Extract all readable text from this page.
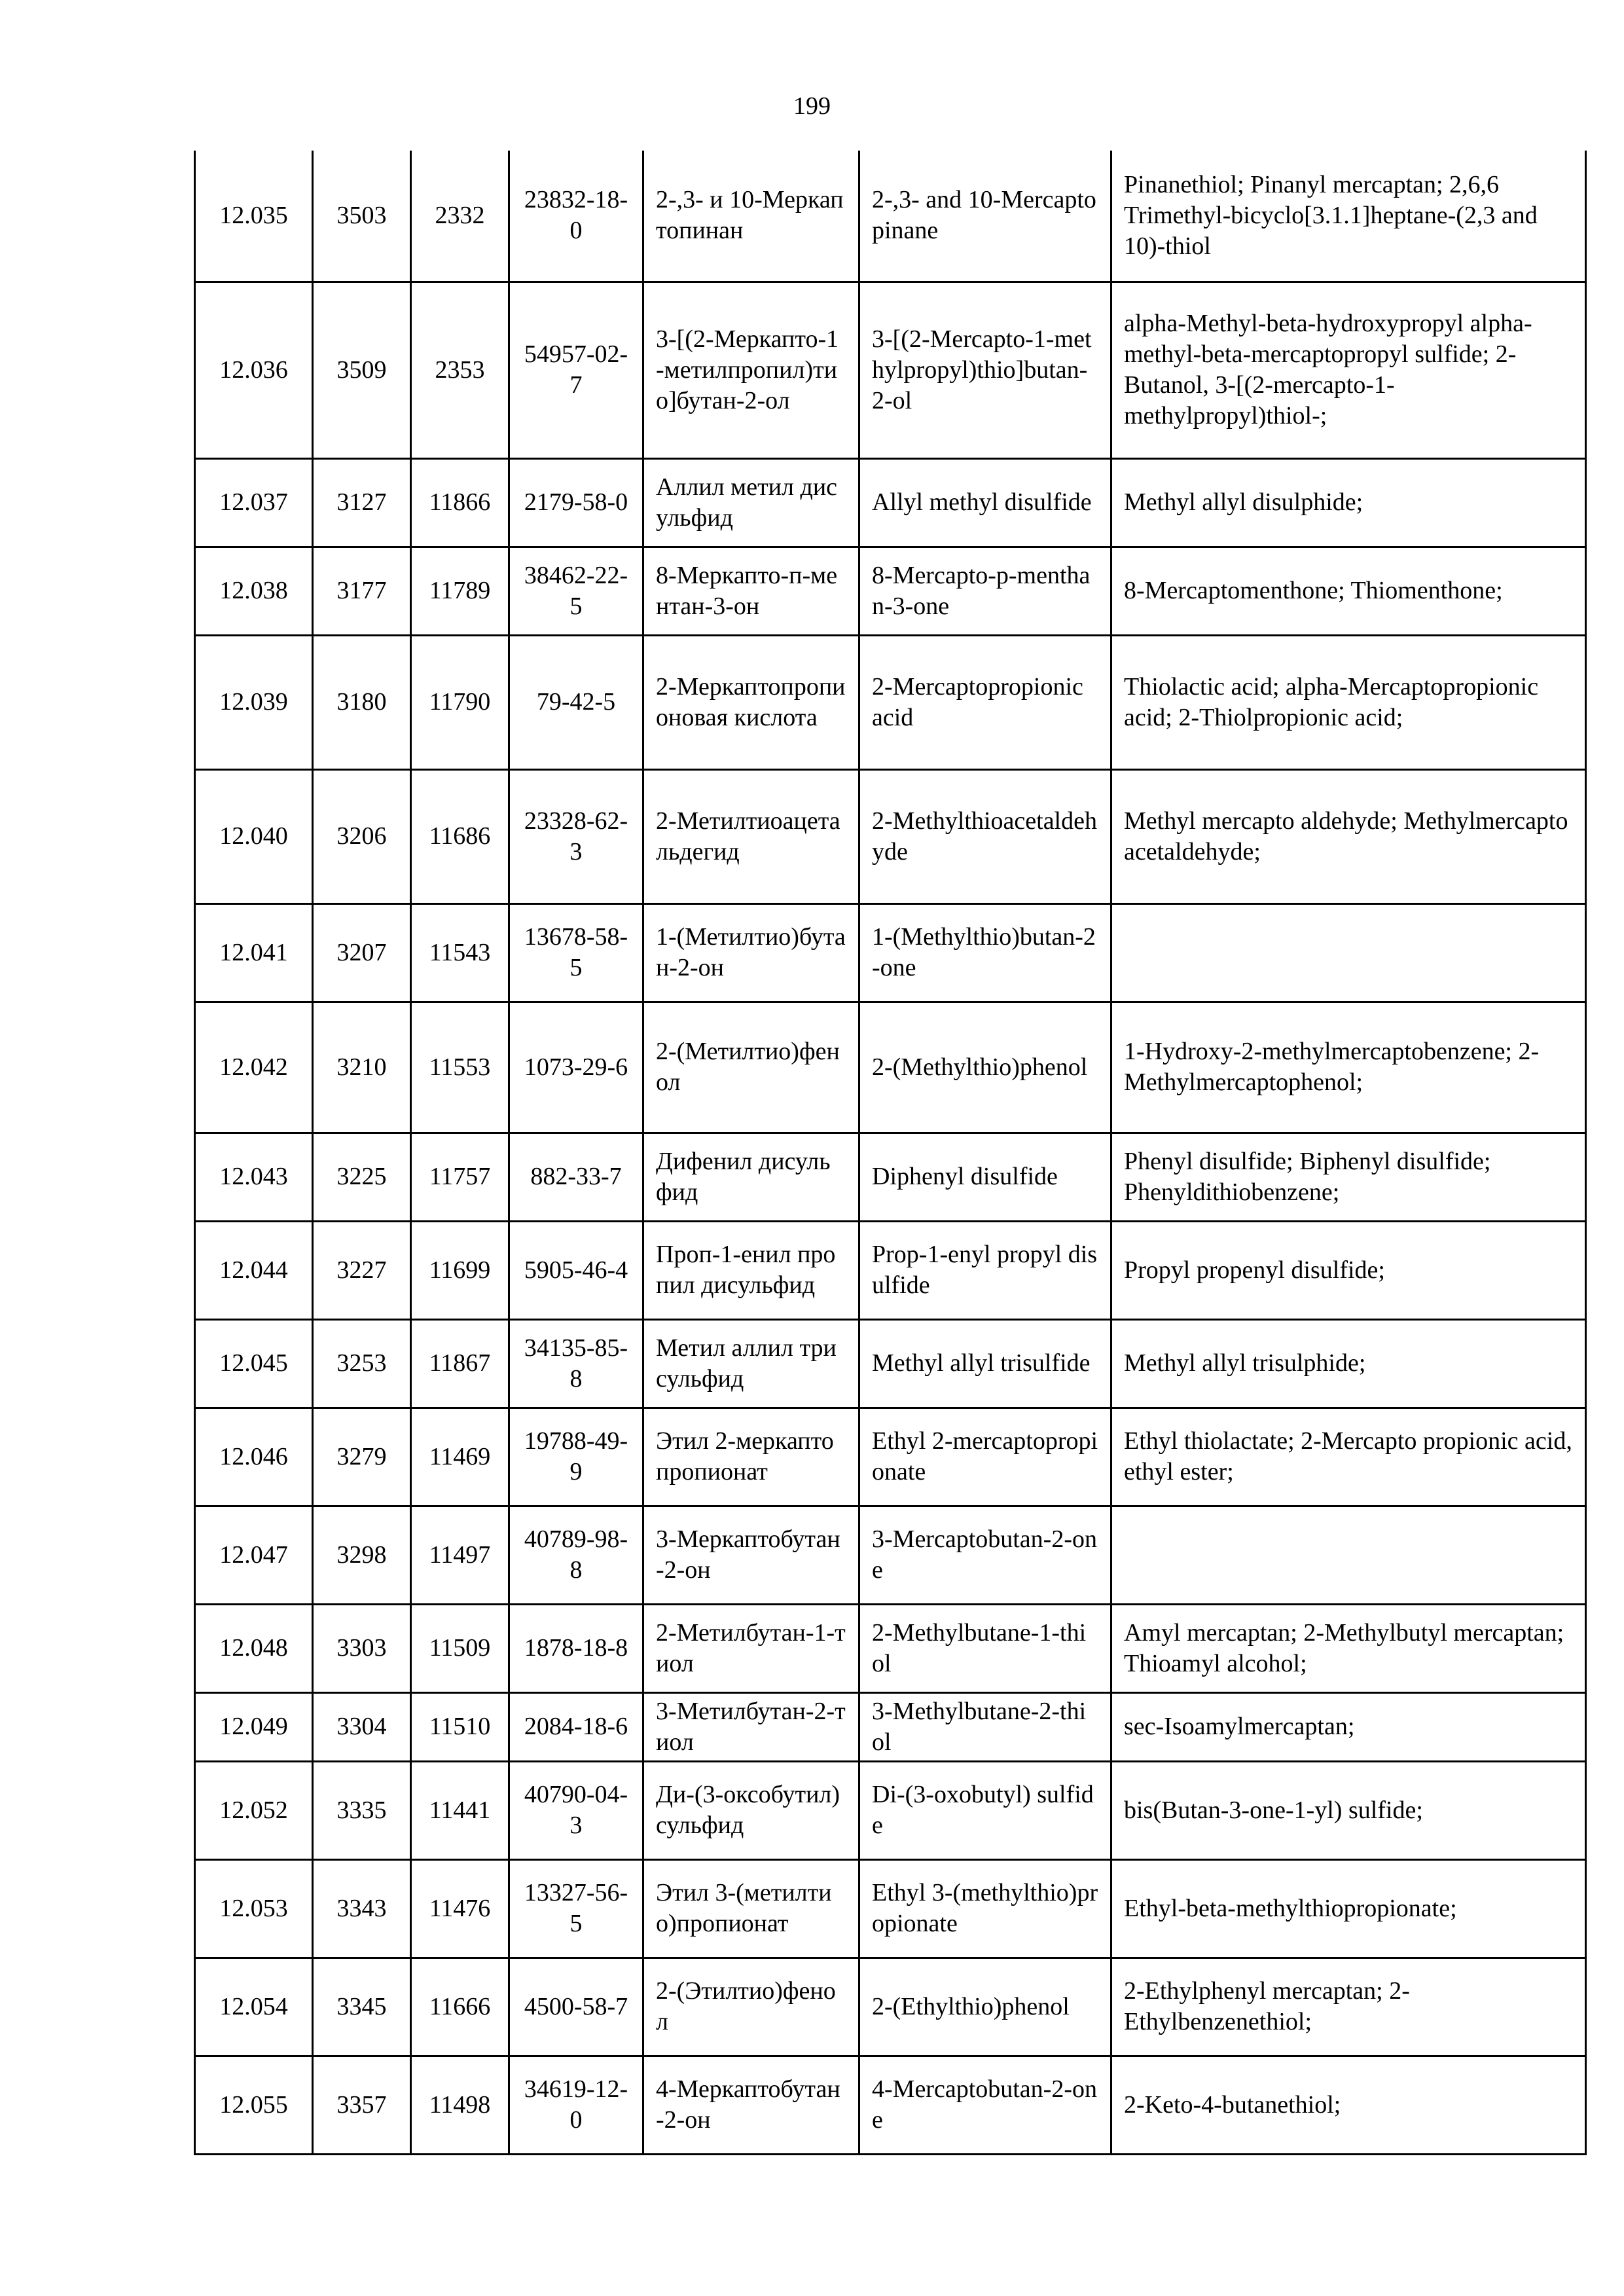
199
12.035	3503	2332	23832-18-0	2-,3- и 10-Меркаптопинан	2-,3- and 10-Mercaptopinane	Pinanethiol; Pinanyl mercaptan; 2,6,6 Trimethyl-bicyclo[3.1.1]heptane-(2,3 and 10)-thiol
12.036	3509	2353	54957-02-7	3-[(2-Меркапто-1-метилпропил)тио]бутан-2-ол	3-[(2-Mercapto-1-methylpropyl)thio]butan-2-ol	alpha-Methyl-beta-hydroxypropyl alpha-methyl-beta-mercaptopropyl sulfide; 2-Butanol, 3-[(2-mercapto-1-methylpropyl)thiol-;
12.037	3127	11866	2179-58-0	Аллил метил дисульфид	Allyl methyl disulfide	Methyl allyl disulphide;
12.038	3177	11789	38462-22-5	8-Меркапто-п-ментан-3-он	8-Mercapto-p-menthan-3-one	8-Mercaptomenthone; Thiomenthone;
12.039	3180	11790	79-42-5	2-Меркаптопропионовая кислота	2-Mercaptopropionic acid	Thiolactic acid; alpha-Mercaptopropionic acid; 2-Thiolpropionic acid;
12.040	3206	11686	23328-62-3	2-Метилтиоацетальдегид	2-Methylthioacetaldehyde	Methyl mercapto aldehyde; Methylmercapto acetaldehyde;
12.041	3207	11543	13678-58-5	1-(Метилтио)бутан-2-он	1-(Methylthio)butan-2-one	
12.042	3210	11553	1073-29-6	2-(Метилтио)фенол	2-(Methylthio)phenol	1-Hydroxy-2-methylmercaptobenzene; 2-Methylmercaptophenol;
12.043	3225	11757	882-33-7	Дифенил дисульфид	Diphenyl disulfide	Phenyl disulfide; Biphenyl disulfide; Phenyldithiobenzene;
12.044	3227	11699	5905-46-4	Проп-1-енил пропил дисульфид	Prop-1-enyl propyl disulfide	Propyl propenyl disulfide;
12.045	3253	11867	34135-85-8	Метил аллил трисульфид	Methyl allyl trisulfide	Methyl allyl trisulphide;
12.046	3279	11469	19788-49-9	Этил 2-меркаптопропионат	Ethyl 2-mercaptopropionate	Ethyl thiolactate; 2-Mercapto propionic acid, ethyl ester;
12.047	3298	11497	40789-98-8	3-Меркаптобутан-2-он	3-Mercaptobutan-2-one	
12.048	3303	11509	1878-18-8	2-Метилбутан-1-тиол	2-Methylbutane-1-thiol	Amyl mercaptan; 2-Methylbutyl mercaptan; Thioamyl alcohol;
12.049	3304	11510	2084-18-6	3-Метилбутан-2-тиол	3-Methylbutane-2-thiol	sec-Isoamylmercaptan;
12.052	3335	11441	40790-04-3	Ди-(3-оксобутил) сульфид	Di-(3-oxobutyl) sulfide	bis(Butan-3-one-1-yl) sulfide;
12.053	3343	11476	13327-56-5	Этил 3-(метилтио)пропионат	Ethyl 3-(methylthio)propionate	Ethyl-beta-methylthiopropionate;
12.054	3345	11666	4500-58-7	2-(Этилтио)фенол	2-(Ethylthio)phenol	2-Ethylphenyl mercaptan; 2-Ethylbenzenethiol;
12.055	3357	11498	34619-12-0	4-Меркаптобутан-2-он	4-Mercaptobutan-2-one	2-Keto-4-butanethiol;
